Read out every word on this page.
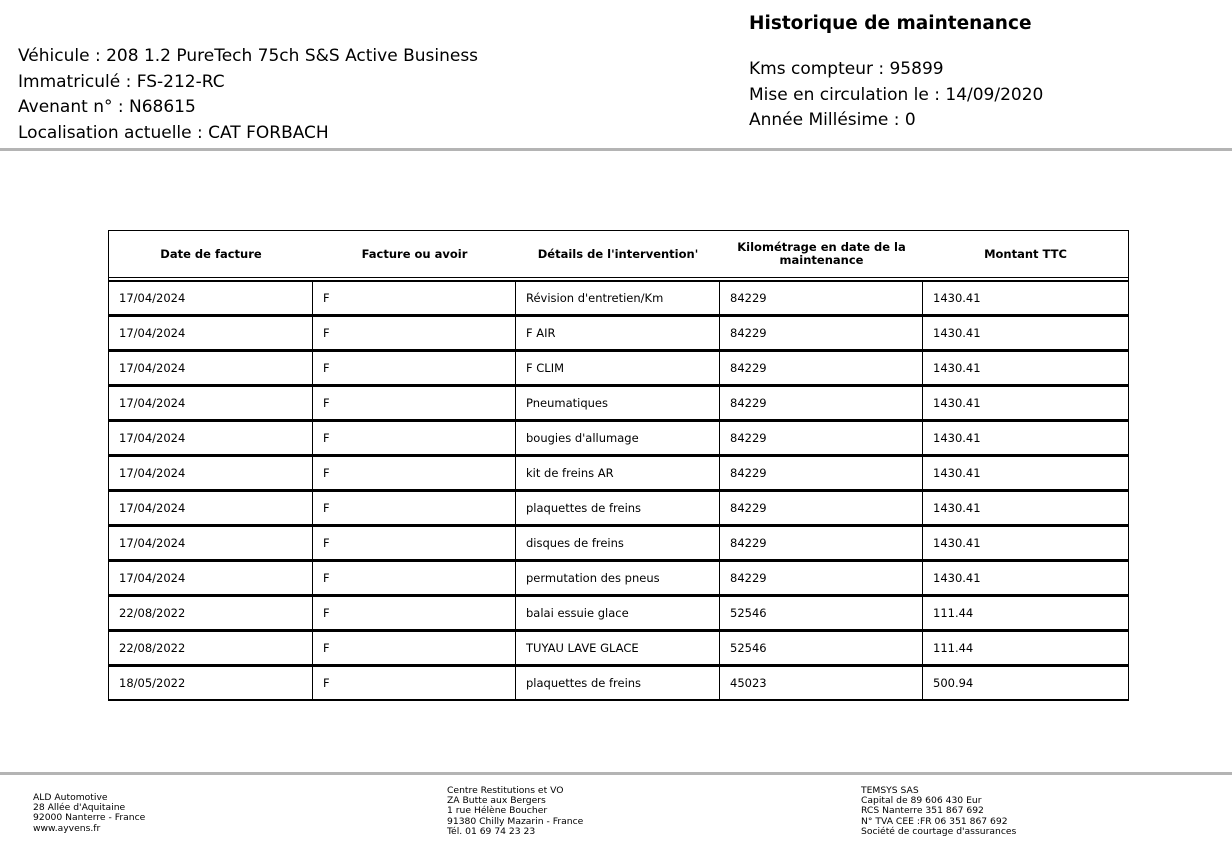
Véhicule : 208 1.2 PureTech 75ch S&S Active Business
Immatriculé : FS-212-RC
Avenant n° : N68615
Localisation actuelle : CAT FORBACH
Historique de maintenance
Kms compteur : 95899
Mise en circulation le : 14/09/2020
Année Millésime : 0
Date de facture	Facture ou avoir	Détails de l'intervention'	Kilométrage en date de la maintenance	Montant TTC
17/04/2024	F	Révision d'entretien/Km	84229	1430.41
17/04/2024	F	F AIR	84229	1430.41
17/04/2024	F	F CLIM	84229	1430.41
17/04/2024	F	Pneumatiques	84229	1430.41
17/04/2024	F	bougies d'allumage	84229	1430.41
17/04/2024	F	kit de freins AR	84229	1430.41
17/04/2024	F	plaquettes de freins	84229	1430.41
17/04/2024	F	disques de freins	84229	1430.41
17/04/2024	F	permutation des pneus	84229	1430.41
22/08/2022	F	balai essuie glace	52546	111.44
22/08/2022	F	TUYAU LAVE GLACE	52546	111.44
18/05/2022	F	plaquettes de freins	45023	500.94
ALD Automotive
28 Allée d'Aquitaine
92000 Nanterre - France
www.ayvens.fr
Centre Restitutions et VO
ZA Butte aux Bergers
1 rue Hélène Boucher
91380 Chilly Mazarin - France
Tél. 01 69 74 23 23
TEMSYS SAS
Capital de 89 606 430 Eur
RCS Nanterre 351 867 692
N° TVA CEE :FR 06 351 867 692
Société de courtage d'assurances
